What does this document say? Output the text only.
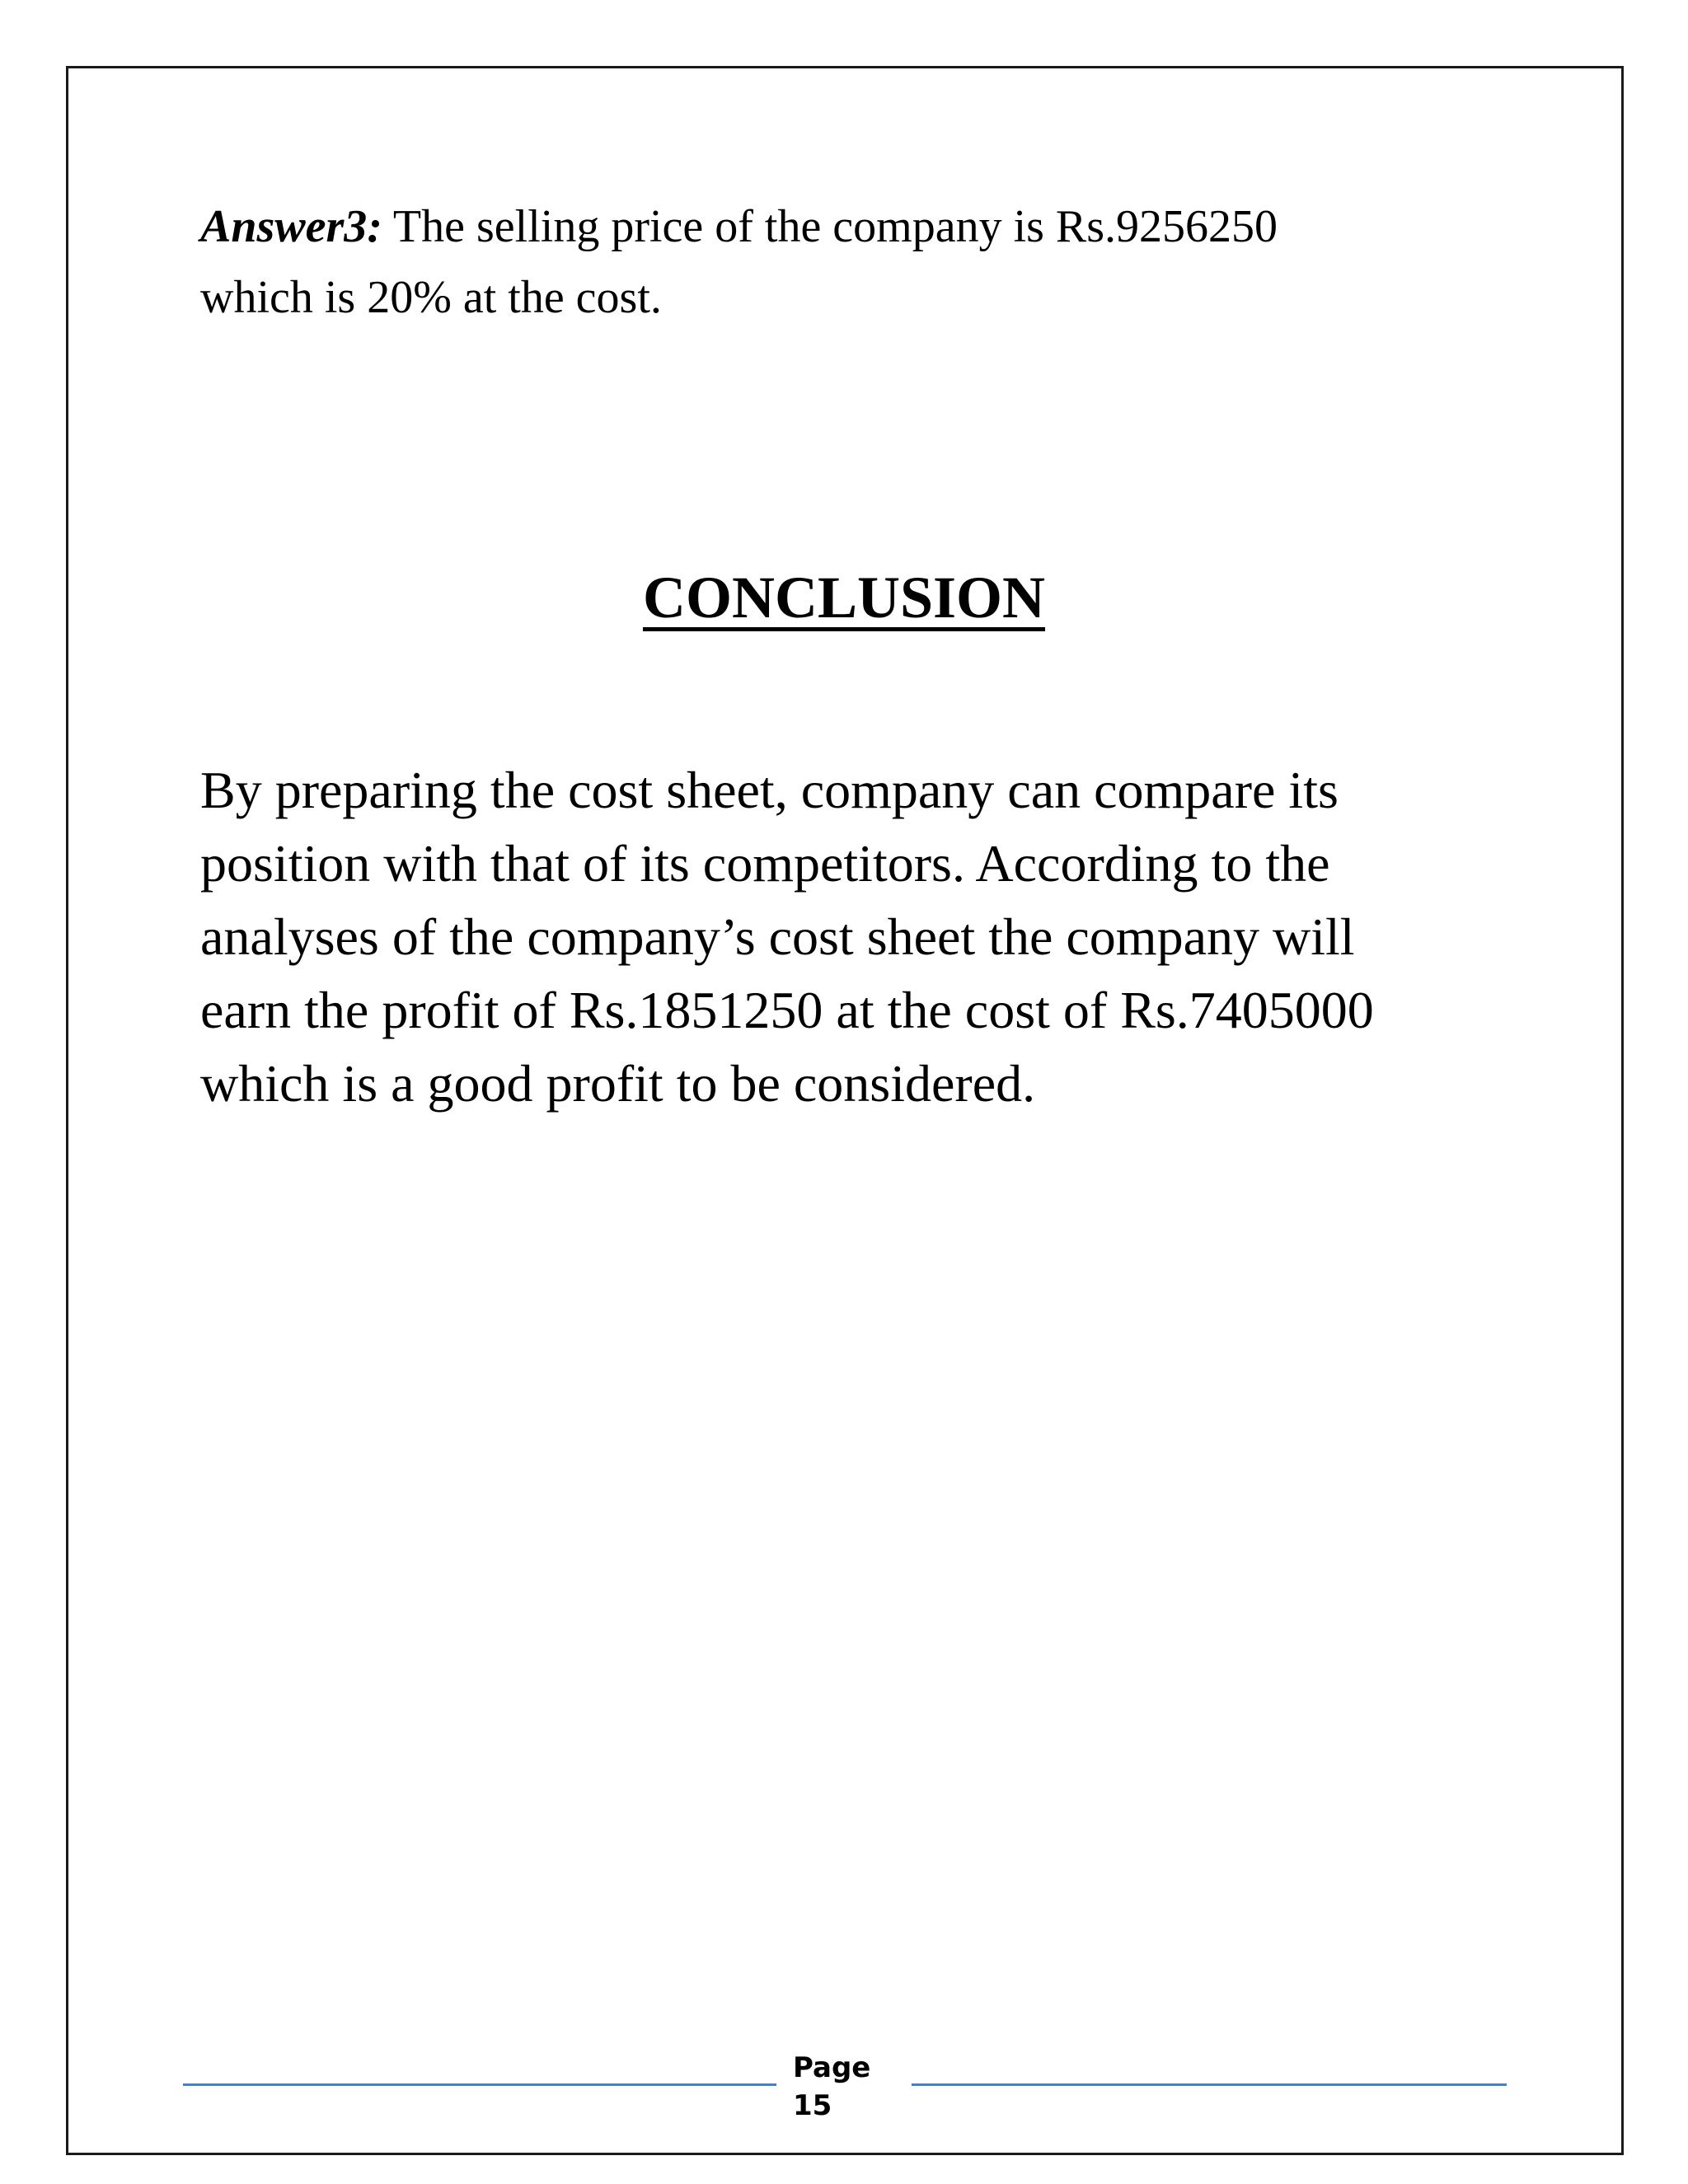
Answer3: The selling price of the company is Rs.9256250
which is 20% at the cost.
CONCLUSION
By preparing the cost sheet, company can compare its
position with that of its competitors. According to the
analyses of the company’s cost sheet the company will
earn the profit of Rs.1851250 at the cost of Rs.7405000
which is a good profit to be considered.
Page
15
